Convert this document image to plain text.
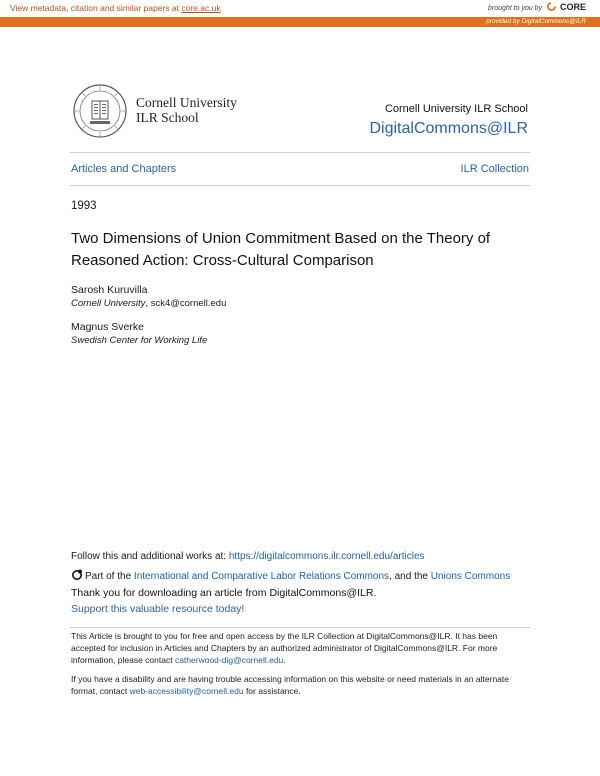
View metadata, citation and similar papers at core.ac.uk	brought to you by CORE
provided by DigitalCommons@ILR
Cornell University
ILR School
Cornell University ILR School
DigitalCommons@ILR
Articles and Chapters	ILR Collection
1993
Two Dimensions of Union Commitment Based on the Theory of Reasoned Action: Cross-Cultural Comparison
Sarosh Kuruvilla
Cornell University, sck4@cornell.edu
Magnus Sverke
Swedish Center for Working Life
Follow this and additional works at: https://digitalcommons.ilr.cornell.edu/articles
Part of the International and Comparative Labor Relations Commons, and the Unions Commons
Thank you for downloading an article from DigitalCommons@ILR.
Support this valuable resource today!
This Article is brought to you for free and open access by the ILR Collection at DigitalCommons@ILR. It has been accepted for inclusion in Articles and Chapters by an authorized administrator of DigitalCommons@ILR. For more information, please contact catherwood-dig@cornell.edu.
If you have a disability and are having trouble accessing information on this website or need materials in an alternate format, contact web-accessibility@cornell.edu for assistance.
